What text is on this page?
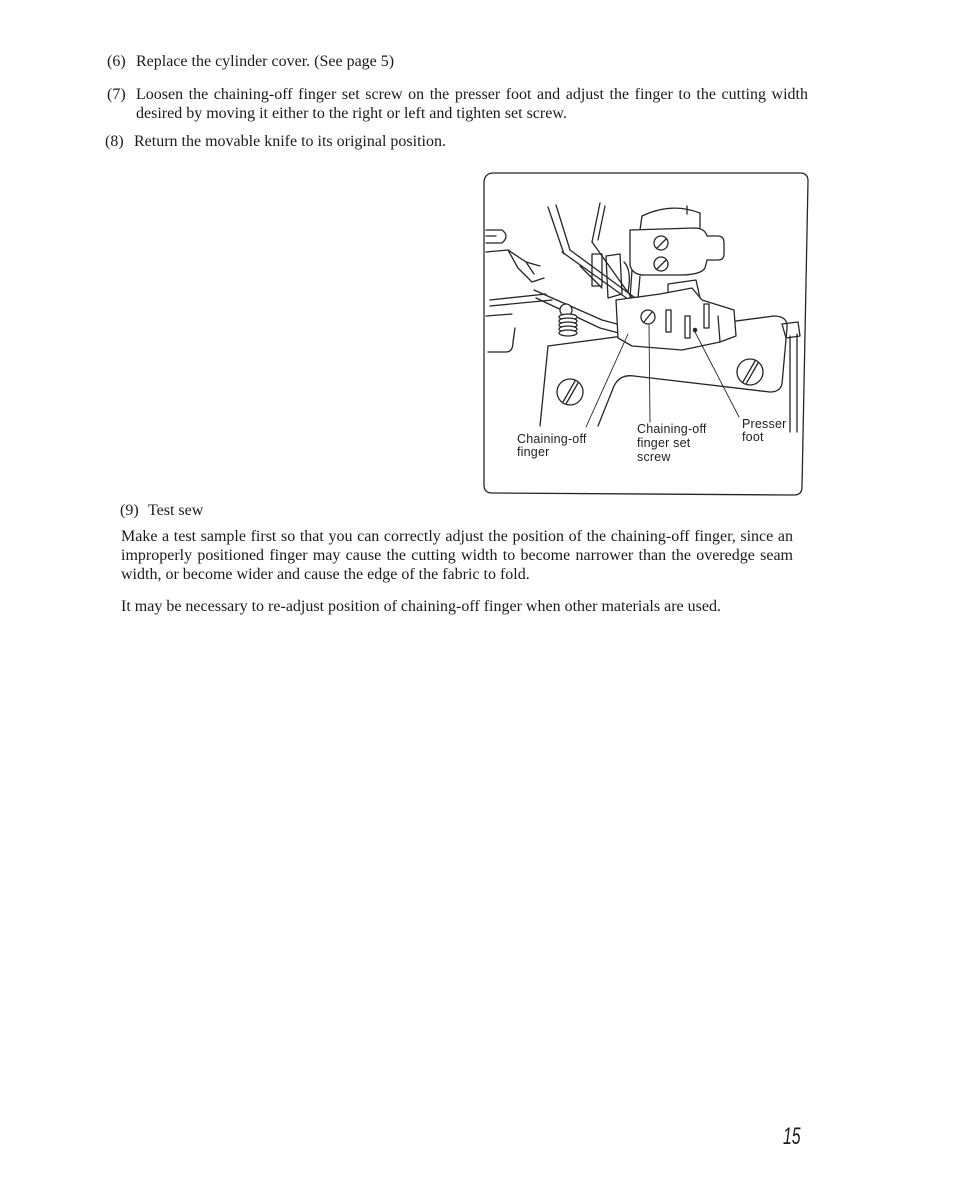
(6) Replace the cylinder cover. (See page 5)
(7) Loosen the chaining-off finger set screw on the presser foot and adjust the finger to the cutting width
desired by moving it either to the right or left and tighten set screw.
(8) Return the movable knife to its original position.
Chaining-off finger
Chaining-off finger set screw
Presser foot
(9) Test sew
Make a test sample first so that you can correctly adjust the position of the chaining-off finger, since an
improperly positioned finger may cause the cutting width to become narrower than the overedge seam
width, or become wider and cause the edge of the fabric to fold.
It may be necessary to re-adjust position of chaining-off finger when other materials are used.
15
